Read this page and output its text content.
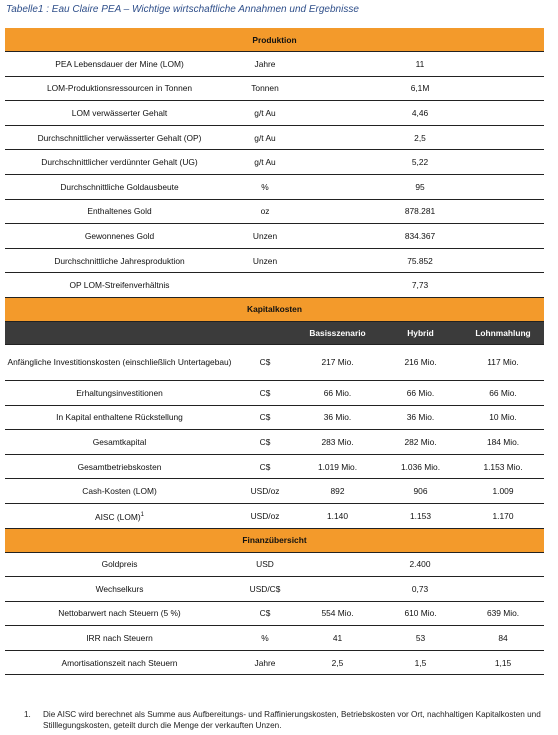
Tabelle1 : Eau Claire PEA – Wichtige wirtschaftliche Annahmen und Ergebnisse
Produktion				
PEA Lebensdauer der Mine (LOM)	Jahre	11		
LOM-Produktionsressourcen in Tonnen	Tonnen	6,1M		
LOM verwässerter Gehalt	g/t Au	4,46		
Durchschnittlicher verwässerter Gehalt (OP)	g/t Au	2,5		
Durchschnittlicher verdünnter Gehalt (UG)	g/t Au	5,22		
Durchschnittliche Goldausbeute	%	95		
Enthaltenes Gold	oz	878.281		
Gewonnenes Gold	Unzen	834.367		
Durchschnittliche Jahresproduktion	Unzen	75.852		
OP LOM-Streifenverhältnis		7,73		
Kapitalkosten				
		Basisszenario	Hybrid	Lohnmahlung
Anfängliche Investitionskosten (einschließlich Untertagebau)	C$	217 Mio.	216 Mio.	117 Mio.
Erhaltungsinvestitionen	C$	66 Mio.	66 Mio.	66 Mio.
In Kapital enthaltene Rückstellung	C$	36 Mio.	36 Mio.	10 Mio.
Gesamtkapital	C$	283 Mio.	282 Mio.	184 Mio.
Gesamtbetriebskosten	C$	1.019 Mio.	1.036 Mio.	1.153 Mio.
Cash-Kosten (LOM)	USD/oz	892	906	1.009
AISC (LOM)$^1$	USD/oz	1.140	1.153	1.170
Finanzübersicht				
Goldpreis	USD	2.400		
Wechselkurs	USD/C$	0,73		
Nettobarwert nach Steuern (5 %)	C$	554 Mio.	610 Mio.	639 Mio.
IRR nach Steuern	%	41	53	84
Amortisationszeit nach Steuern	Jahre	2,5	1,5	1,15
1. Die AISC wird berechnet als Summe aus Aufbereitungs- und Raffinierungskosten, Betriebskosten vor Ort, nachhaltigen Kapitalkosten und Stilllegungskosten, geteilt durch die Menge der verkauften Unzen.
